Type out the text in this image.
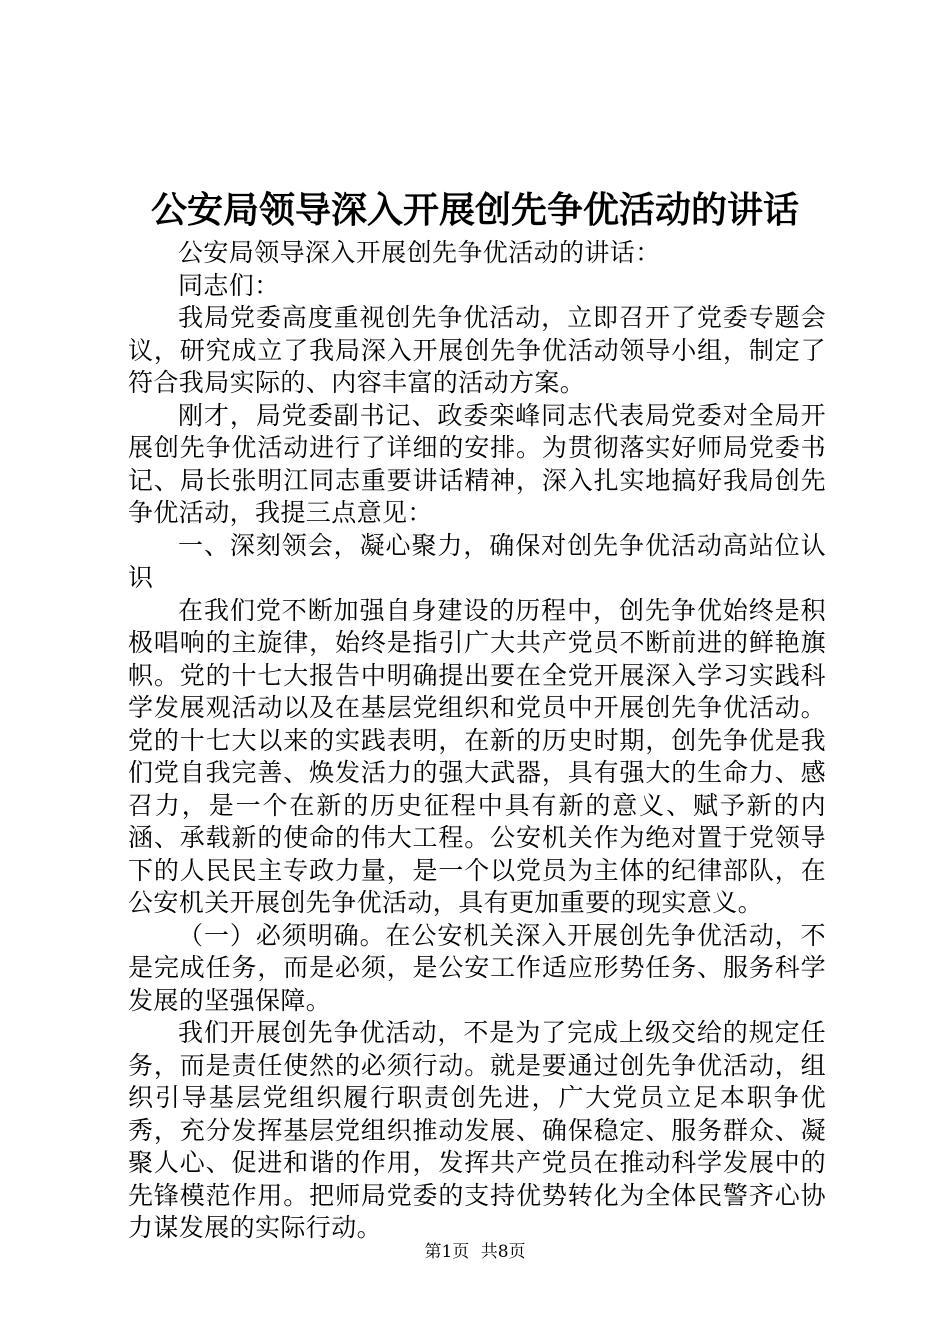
公安局领导深入开展创先争优活动的讲话

公安局领导深入开展创先争优活动的讲话：

同志们：

我局党委高度重视创先争优活动，立即召开了党委专题会议，研究成立了我局深入开展创先争优活动领导小组，制定了符合我局实际的、内容丰富的活动方案。

刚才，局党委副书记、政委栾峰同志代表局党委对全局开展创先争优活动进行了详细的安排。为贯彻落实好师局党委书记、局长张明江同志重要讲话精神，深入扎实地搞好我局创先争优活动，我提三点意见：

一、深刻领会，凝心聚力，确保对创先争优活动高站位认识

在我们党不断加强自身建设的历程中，创先争优始终是积极唱响的主旋律，始终是指引广大共产党员不断前进的鲜艳旗帜。党的十七大报告中明确提出要在全党开展深入学习实践科学发展观活动以及在基层党组织和党员中开展创先争优活动。党的十七大以来的实践表明，在新的历史时期，创先争优是我们党自我完善、焕发活力的强大武器，具有强大的生命力、感召力，是一个在新的历史征程中具有新的意义、赋予新的内涵、承载新的使命的伟大工程。公安机关作为绝对置于党领导下的人民民主专政力量，是一个以党员为主体的纪律部队，在公安机关开展创先争优活动，具有更加重要的现实意义。

（一）必须明确。在公安机关深入开展创先争优活动，不是完成任务，而是必须，是公安工作适应形势任务、服务科学发展的坚强保障。

我们开展创先争优活动，不是为了完成上级交给的规定任务，而是责任使然的必须行动。就是要通过创先争优活动，组织引导基层党组织履行职责创先进，广大党员立足本职争优秀，充分发挥基层党组织推动发展、确保稳定、服务群众、凝聚人心、促进和谐的作用，发挥共产党员在推动科学发展中的先锋模范作用。把师局党委的支持优势转化为全体民警齐心协力谋发展的实际行动。

第1页 共8页
